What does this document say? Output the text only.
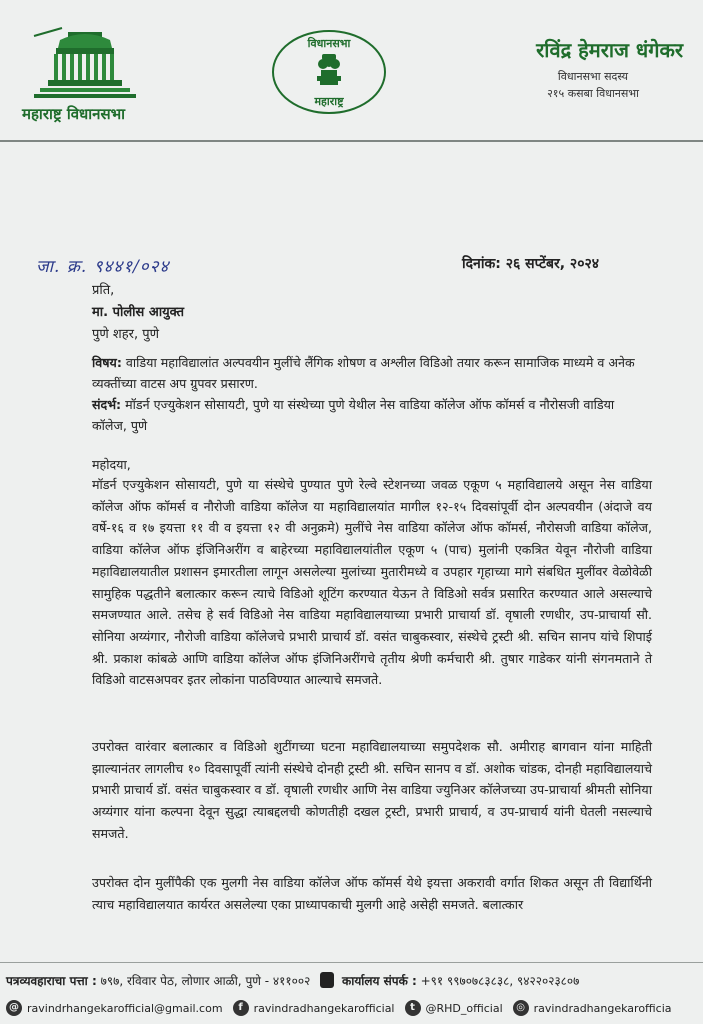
महाराष्ट्र विधानसभा
विधानसभा
महाराष्ट्र
रविंद्र हेमराज धंगेकर
विधानसभा सदस्य
२१५ कसबा विधानसभा
जा. क्र. ९४४१/०२४	दिनांक: २६ सप्टेंबर, २०२४
प्रति,
मा. पोलीस आयुक्त
पुणे शहर, पुणे
विषय: वाडिया महाविद्यालांत अल्पवयीन मुलींचे लैंगिक शोषण व अश्लील विडिओ तयार करून सामाजिक माध्यमे व अनेक व्यक्तींच्या वाटस अप ग्रुपवर प्रसारण.
संदर्भ: मॉडर्न एज्युकेशन सोसायटी, पुणे या संस्थेच्या पुणे येथील नेस वाडिया कॉलेज ऑफ कॉमर्स व नौरोसजी वाडिया कॉलेज, पुणे
महोदया,
मॉडर्न एज्युकेशन सोसायटी, पुणे या संस्थेचे पुण्यात पुणे रेल्वे स्टेशनच्या जवळ एकूण ५ महाविद्यालये असून नेस वाडिया कॉलेज ऑफ कॉमर्स व नौरोजी वाडिया कॉलेज या महाविद्यालयांत मागील १२-१५ दिवसांपूर्वी दोन अल्पवयीन (अंदाजे वय वर्षे-१६ व १७ इयत्ता ११ वी व इयत्ता १२ वी अनुक्रमे) मुलींचे नेस वाडिया कॉलेज ऑफ कॉमर्स, नौरोसजी वाडिया कॉलेज, वाडिया कॉलेज ऑफ इंजिनिअरींग व बाहेरच्या महाविद्यालयांतील एकूण ५ (पाच) मुलांनी एकत्रित येवून नौरोजी वाडिया महाविद्यालयातील प्रशासन इमारतीला लागून असलेल्या मुलांच्या मुतारीमध्ये व उपहार गृहाच्या मागे संबधित मुलींवर वेळोवेळी सामुहिक पद्धतीने बलात्कार करून त्याचे विडिओ शूटिंग करण्यात येऊन ते विडिओ सर्वत्र प्रसारित करण्यात आले असल्याचे समजण्यात आले. तसेच हे सर्व विडिओ नेस वाडिया महाविद्यालयाच्या प्रभारी प्राचार्या डॉ. वृषाली रणधीर, उप-प्राचार्या सौ. सोनिया अय्यंगार, नौरोजी वाडिया कॉलेजचे प्रभारी प्राचार्य डॉ. वसंत चाबुकस्वार, संस्थेचे ट्रस्टी श्री. सचिन सानप यांचे शिपाई श्री. प्रकाश कांबळे आणि वाडिया कॉलेज ऑफ इंजिनिअरींगचे तृतीय श्रेणी कर्मचारी श्री. तुषार गाडेकर यांनी संगनमताने ते विडिओ वाटसअपवर इतर लोकांना पाठविण्यात आल्याचे समजते.
उपरोक्त वारंवार बलात्कार व विडिओ शुटींगच्या घटना महाविद्यालयाच्या समुपदेशक सौ. अमीराह बागवान यांना माहिती झाल्यानंतर लागलीच १० दिवसापूर्वी त्यांनी संस्थेचे दोनही ट्रस्टी श्री. सचिन सानप व डॉ. अशोक चांडक, दोनही महाविद्यालयाचे प्रभारी प्राचार्य डॉ. वसंत चाबुकस्वार व डॉ. वृषाली रणधीर आणि नेस वाडिया ज्युनिअर कॉलेजच्या उप-प्राचार्या श्रीमती सोनिया अय्यंगार यांना कल्पना देवून सुद्धा त्याबद्दलची कोणतीही दखल ट्रस्टी, प्रभारी प्राचार्य, व उप-प्राचार्य यांनी घेतली नसल्याचे समजते.
उपरोक्त दोन मुलींपैकी एक मुलगी नेस वाडिया कॉलेज ऑफ कॉमर्स येथे इयत्ता अकरावी वर्गात शिकत असून ती विद्यार्थिनी त्याच महाविद्यालयात कार्यरत असलेल्या एका प्राध्यापकाची मुलगी आहे असेही समजते. बलात्कार
पत्रव्यवहाराचा पत्ता : ७९७, रविवार पेठ, लोणार आळी, पुणे - ४११००२	कार्यालय संपर्क : +९१ ९९७०७८३८३८, ९४२२०२३८०७
@ ravindrhangekarofficial@gmail.com	f ravindradhangekarofficial	t @RHD_official	◎ ravindradhangekarofficia
